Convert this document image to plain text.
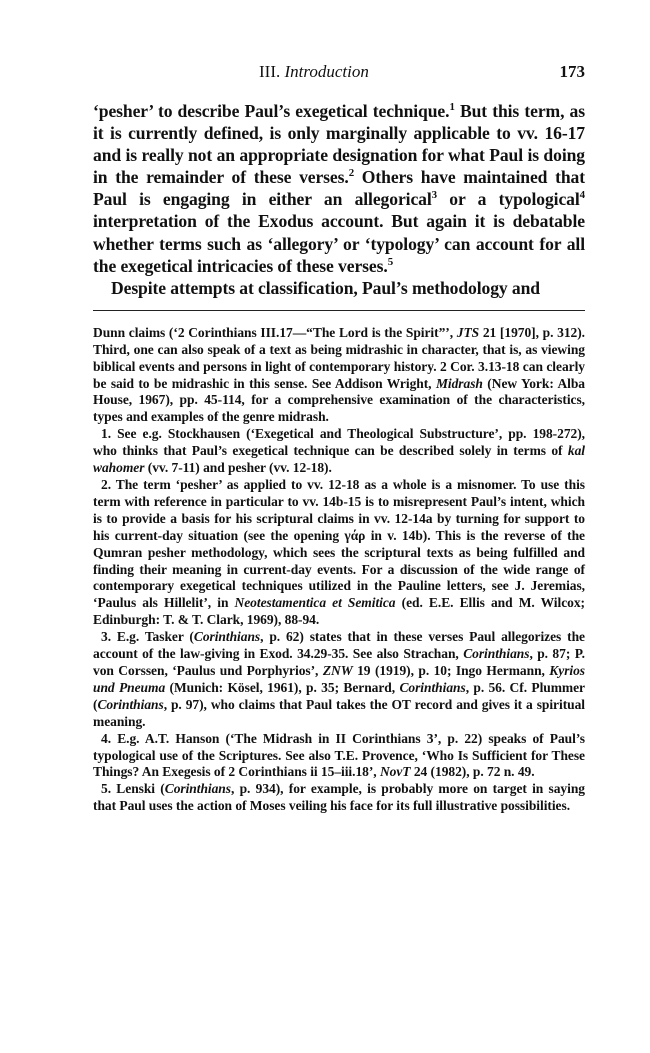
III. Introduction	173

‘pesher’ to describe Paul’s exegetical technique.$^1$ But this term, as it is currently defined, is only marginally applicable to vv. 16-17 and is really not an appropriate designation for what Paul is doing in the remainder of these verses.$^2$ Others have maintained that Paul is engaging in either an allegorical$^3$ or a typological$^4$ interpretation of the Exodus account. But again it is debatable whether terms such as ‘allegory’ or ‘typology’ can account for all the exegetical intricacies of these verses.$^5$

Despite attempts at classification, Paul’s methodology and

Dunn claims (‘2 Corinthians III.17—“The Lord is the Spirit”’, JTS 21 [1970], p. 312). Third, one can also speak of a text as being midrashic in character, that is, as viewing biblical events and persons in light of contemporary history. 2 Cor. 3.13-18 can clearly be said to be midrashic in this sense. See Addison Wright, Midrash (New York: Alba House, 1967), pp. 45-114, for a comprehensive examination of the characteristics, types and examples of the genre midrash.

1. See e.g. Stockhausen (‘Exegetical and Theological Substructure’, pp. 198-272), who thinks that Paul’s exegetical technique can be described solely in terms of kal wahomer (vv. 7-11) and pesher (vv. 12-18).

2. The term ‘pesher’ as applied to vv. 12-18 as a whole is a misnomer. To use this term with reference in particular to vv. 14b-15 is to misrepresent Paul’s intent, which is to provide a basis for his scriptural claims in vv. 12-14a by turning for support to his current-day situation (see the opening γάρ in v. 14b). This is the reverse of the Qumran pesher methodology, which sees the scriptural texts as being fulfilled and finding their meaning in current-day events. For a discussion of the wide range of contemporary exegetical techniques utilized in the Pauline letters, see J. Jeremias, ‘Paulus als Hillelit’, in Neotestamentica et Semitica (ed. E.E. Ellis and M. Wilcox; Edinburgh: T. & T. Clark, 1969), 88-94.

3. E.g. Tasker (Corinthians, p. 62) states that in these verses Paul allegorizes the account of the law-giving in Exod. 34.29-35. See also Strachan, Corinthians, p. 87; P. von Corssen, ‘Paulus und Porphyrios’, ZNW 19 (1919), p. 10; Ingo Hermann, Kyrios und Pneuma (Munich: Kösel, 1961), p. 35; Bernard, Corinthians, p. 56. Cf. Plummer (Corinthians, p. 97), who claims that Paul takes the OT record and gives it a spiritual meaning.

4. E.g. A.T. Hanson (‘The Midrash in II Corinthians 3’, p. 22) speaks of Paul’s typological use of the Scriptures. See also T.E. Provence, ‘Who Is Sufficient for These Things? An Exegesis of 2 Corinthians ii 15–iii.18’, NovT 24 (1982), p. 72 n. 49.

5. Lenski (Corinthians, p. 934), for example, is probably more on target in saying that Paul uses the action of Moses veiling his face for its full illustrative possibilities.
